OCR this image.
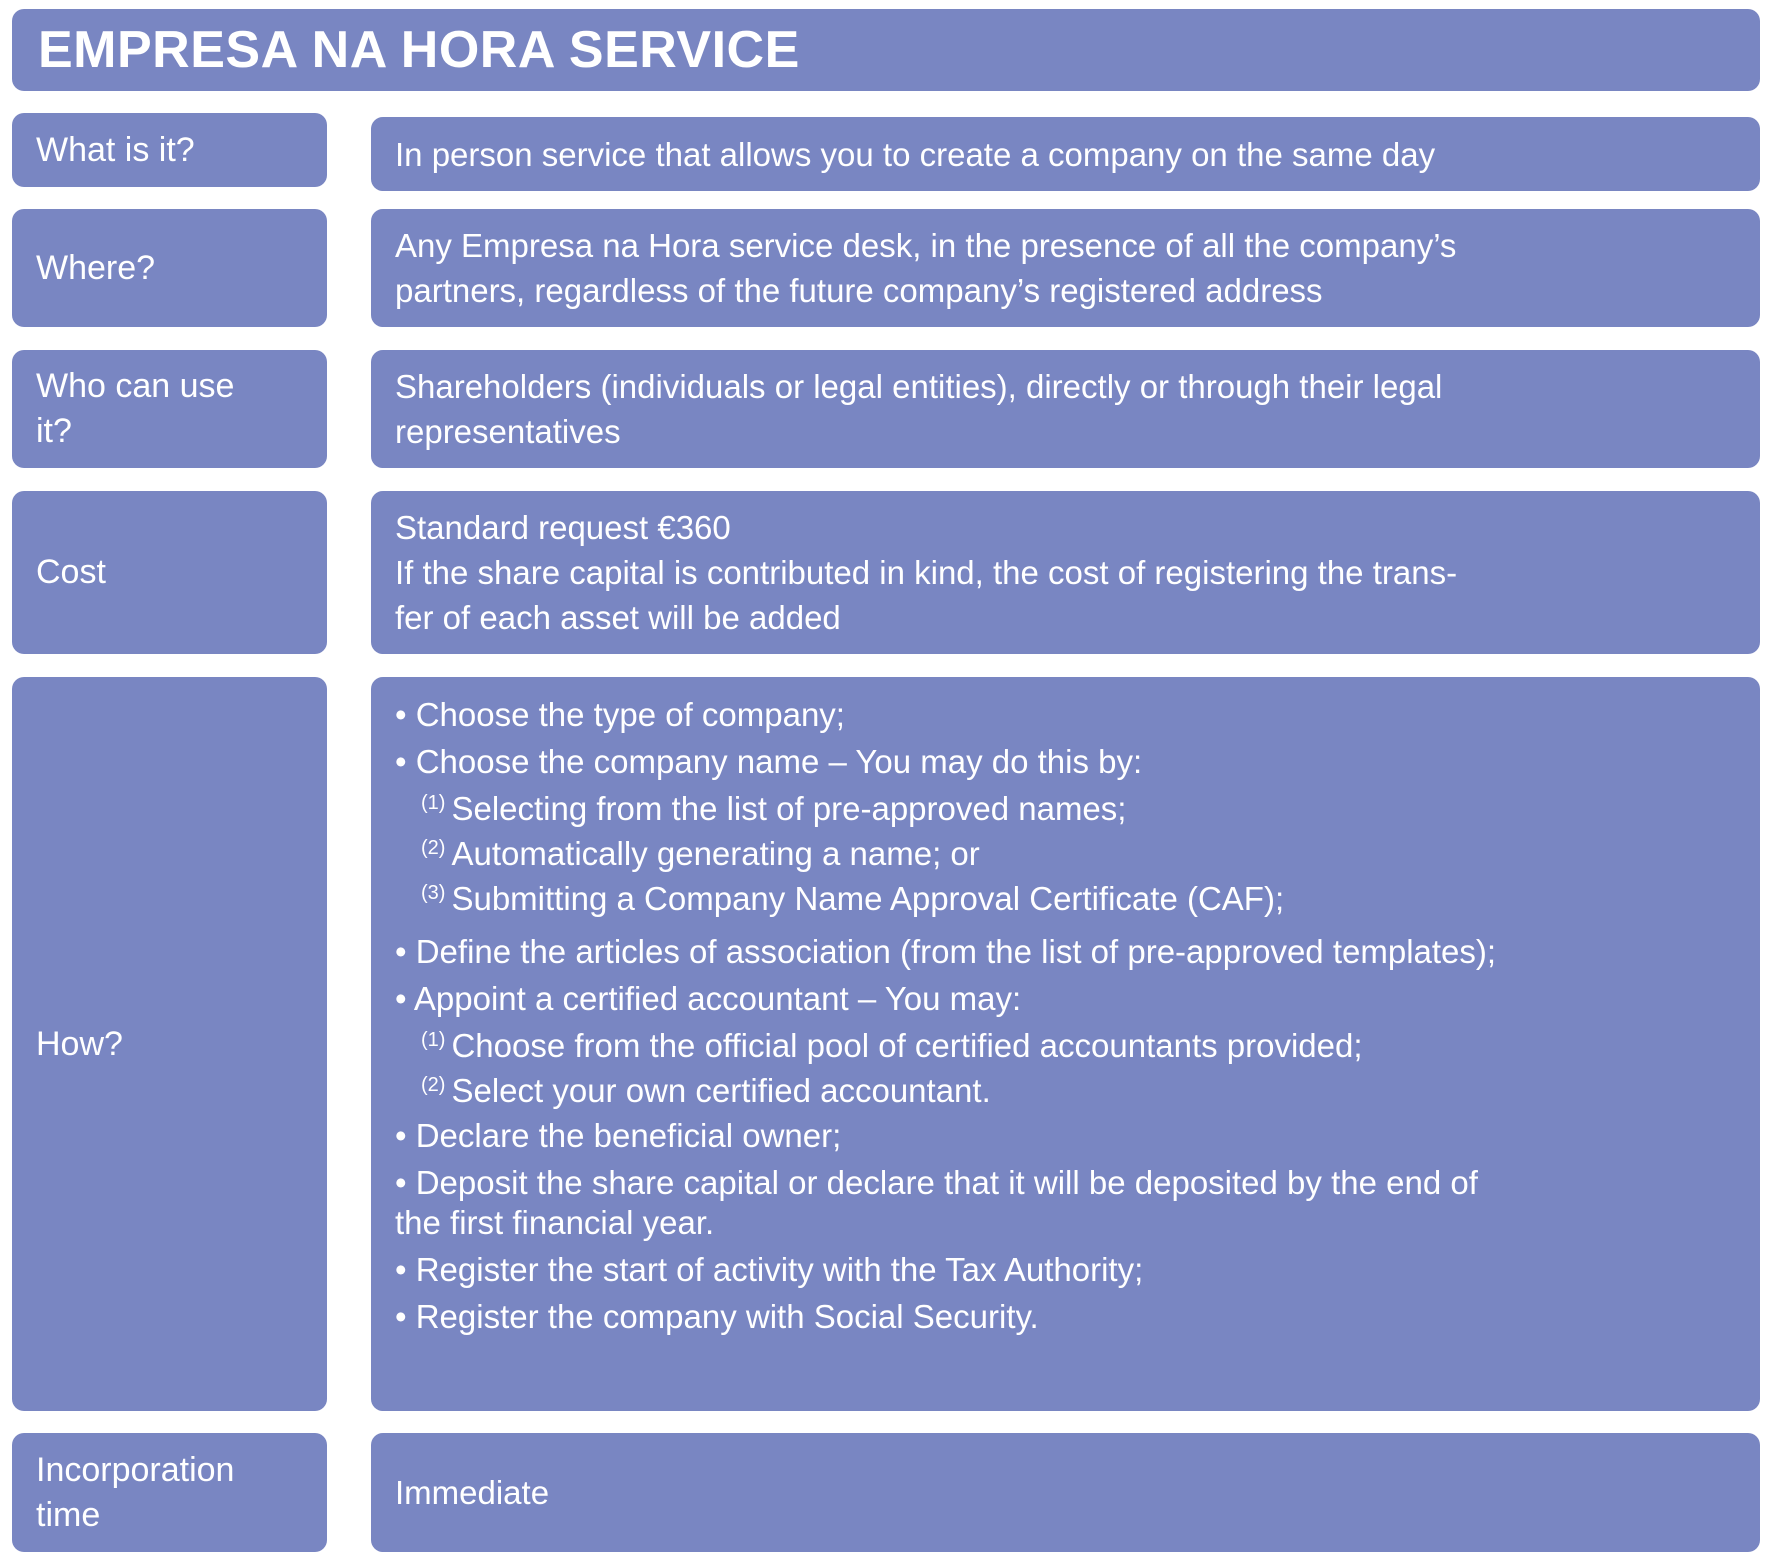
EMPRESA NA HORA SERVICE
What is it?	In person service that allows you to create a company on the same day
Where?
Any Empresa na Hora service desk, in the presence of all the company’s
partners, regardless of the future company’s registered address
Who can use
it?
Shareholders (individuals or legal entities), directly or through their legal
representatives
Cost
Standard request €360
If the share capital is contributed in kind, the cost of registering the trans-
fer of each asset will be added
How?
• Choose the type of company;
• Choose the company name – You may do this by:
$^{(1)}$ Selecting from the list of pre-approved names;
$^{(2)}$ Automatically generating a name; or
$^{(3)}$ Submitting a Company Name Approval Certificate (CAF);
• Define the articles of association (from the list of pre-approved templates);
• Appoint a certified accountant – You may:
$^{(1)}$ Choose from the official pool of certified accountants provided;
$^{(2)}$ Select your own certified accountant.
• Declare the beneficial owner;
• Deposit the share capital or declare that it will be deposited by the end of
the first financial year.
• Register the start of activity with the Tax Authority;
• Register the company with Social Security.
Incorporation
time
Immediate
